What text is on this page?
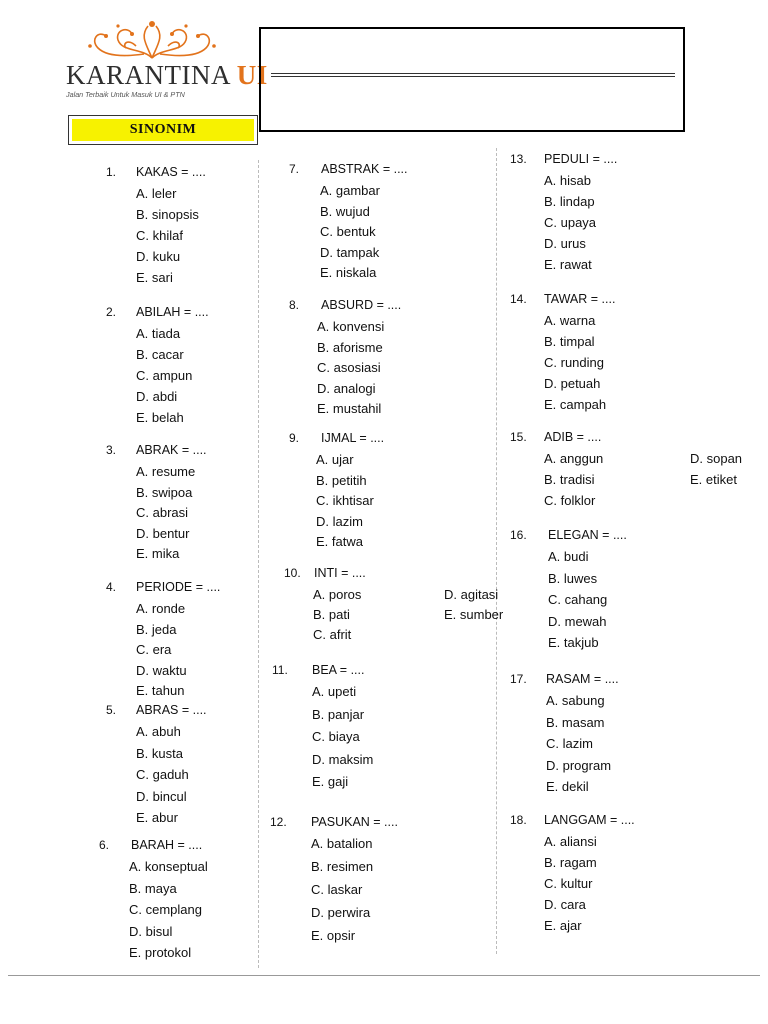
KARANTINA UI
Jalan Terbaik Untuk Masuk UI & PTN
SINONIM
1. KAKAS = ....
A. leler
B. sinopsis
C. khilaf
D. kuku
E. sari
2. ABILAH = ....
A. tiada
B. cacar
C. ampun
D. abdi
E. belah
3. ABRAK = ....
A. resume
B. swipoa
C. abrasi
D. bentur
E. mika
4. PERIODE = ....
A. ronde
B. jeda
C. era
D. waktu
E. tahun
5. ABRAS = ....
A. abuh
B. kusta
C. gaduh
D. bincul
E. abur
6. BARAH = ....
A. konseptual
B. maya
C. cemplang
D. bisul
E. protokol
7. ABSTRAK = ....
A. gambar
B. wujud
C. bentuk
D. tampak
E. niskala
8. ABSURD = ....
A. konvensi
B. aforisme
C. asosiasi
D. analogi
E. mustahil
9. IJMAL = ....
A. ujar
B. petitih
C. ikhtisar
D. lazim
E. fatwa
10. INTI = ....
A. poros
B. pati
C. afrit
D. agitasi
E. sumber
11. BEA = ....
A. upeti
B. panjar
C. biaya
D. maksim
E. gaji
12. PASUKAN = ....
A. batalion
B. resimen
C. laskar
D. perwira
E. opsir
13. PEDULI = ....
A. hisab
B. lindap
C. upaya
D. urus
E. rawat
14. TAWAR = ....
A. warna
B. timpal
C. runding
D. petuah
E. campah
15. ADIB = ....
A. anggun
B. tradisi
C. folklor
D. sopan
E. etiket
16. ELEGAN = ....
A. budi
B. luwes
C. cahang
D. mewah
E. takjub
17. RASAM = ....
A. sabung
B. masam
C. lazim
D. program
E. dekil
18. LANGGAM = ....
A. aliansi
B. ragam
C. kultur
D. cara
E. ajar
